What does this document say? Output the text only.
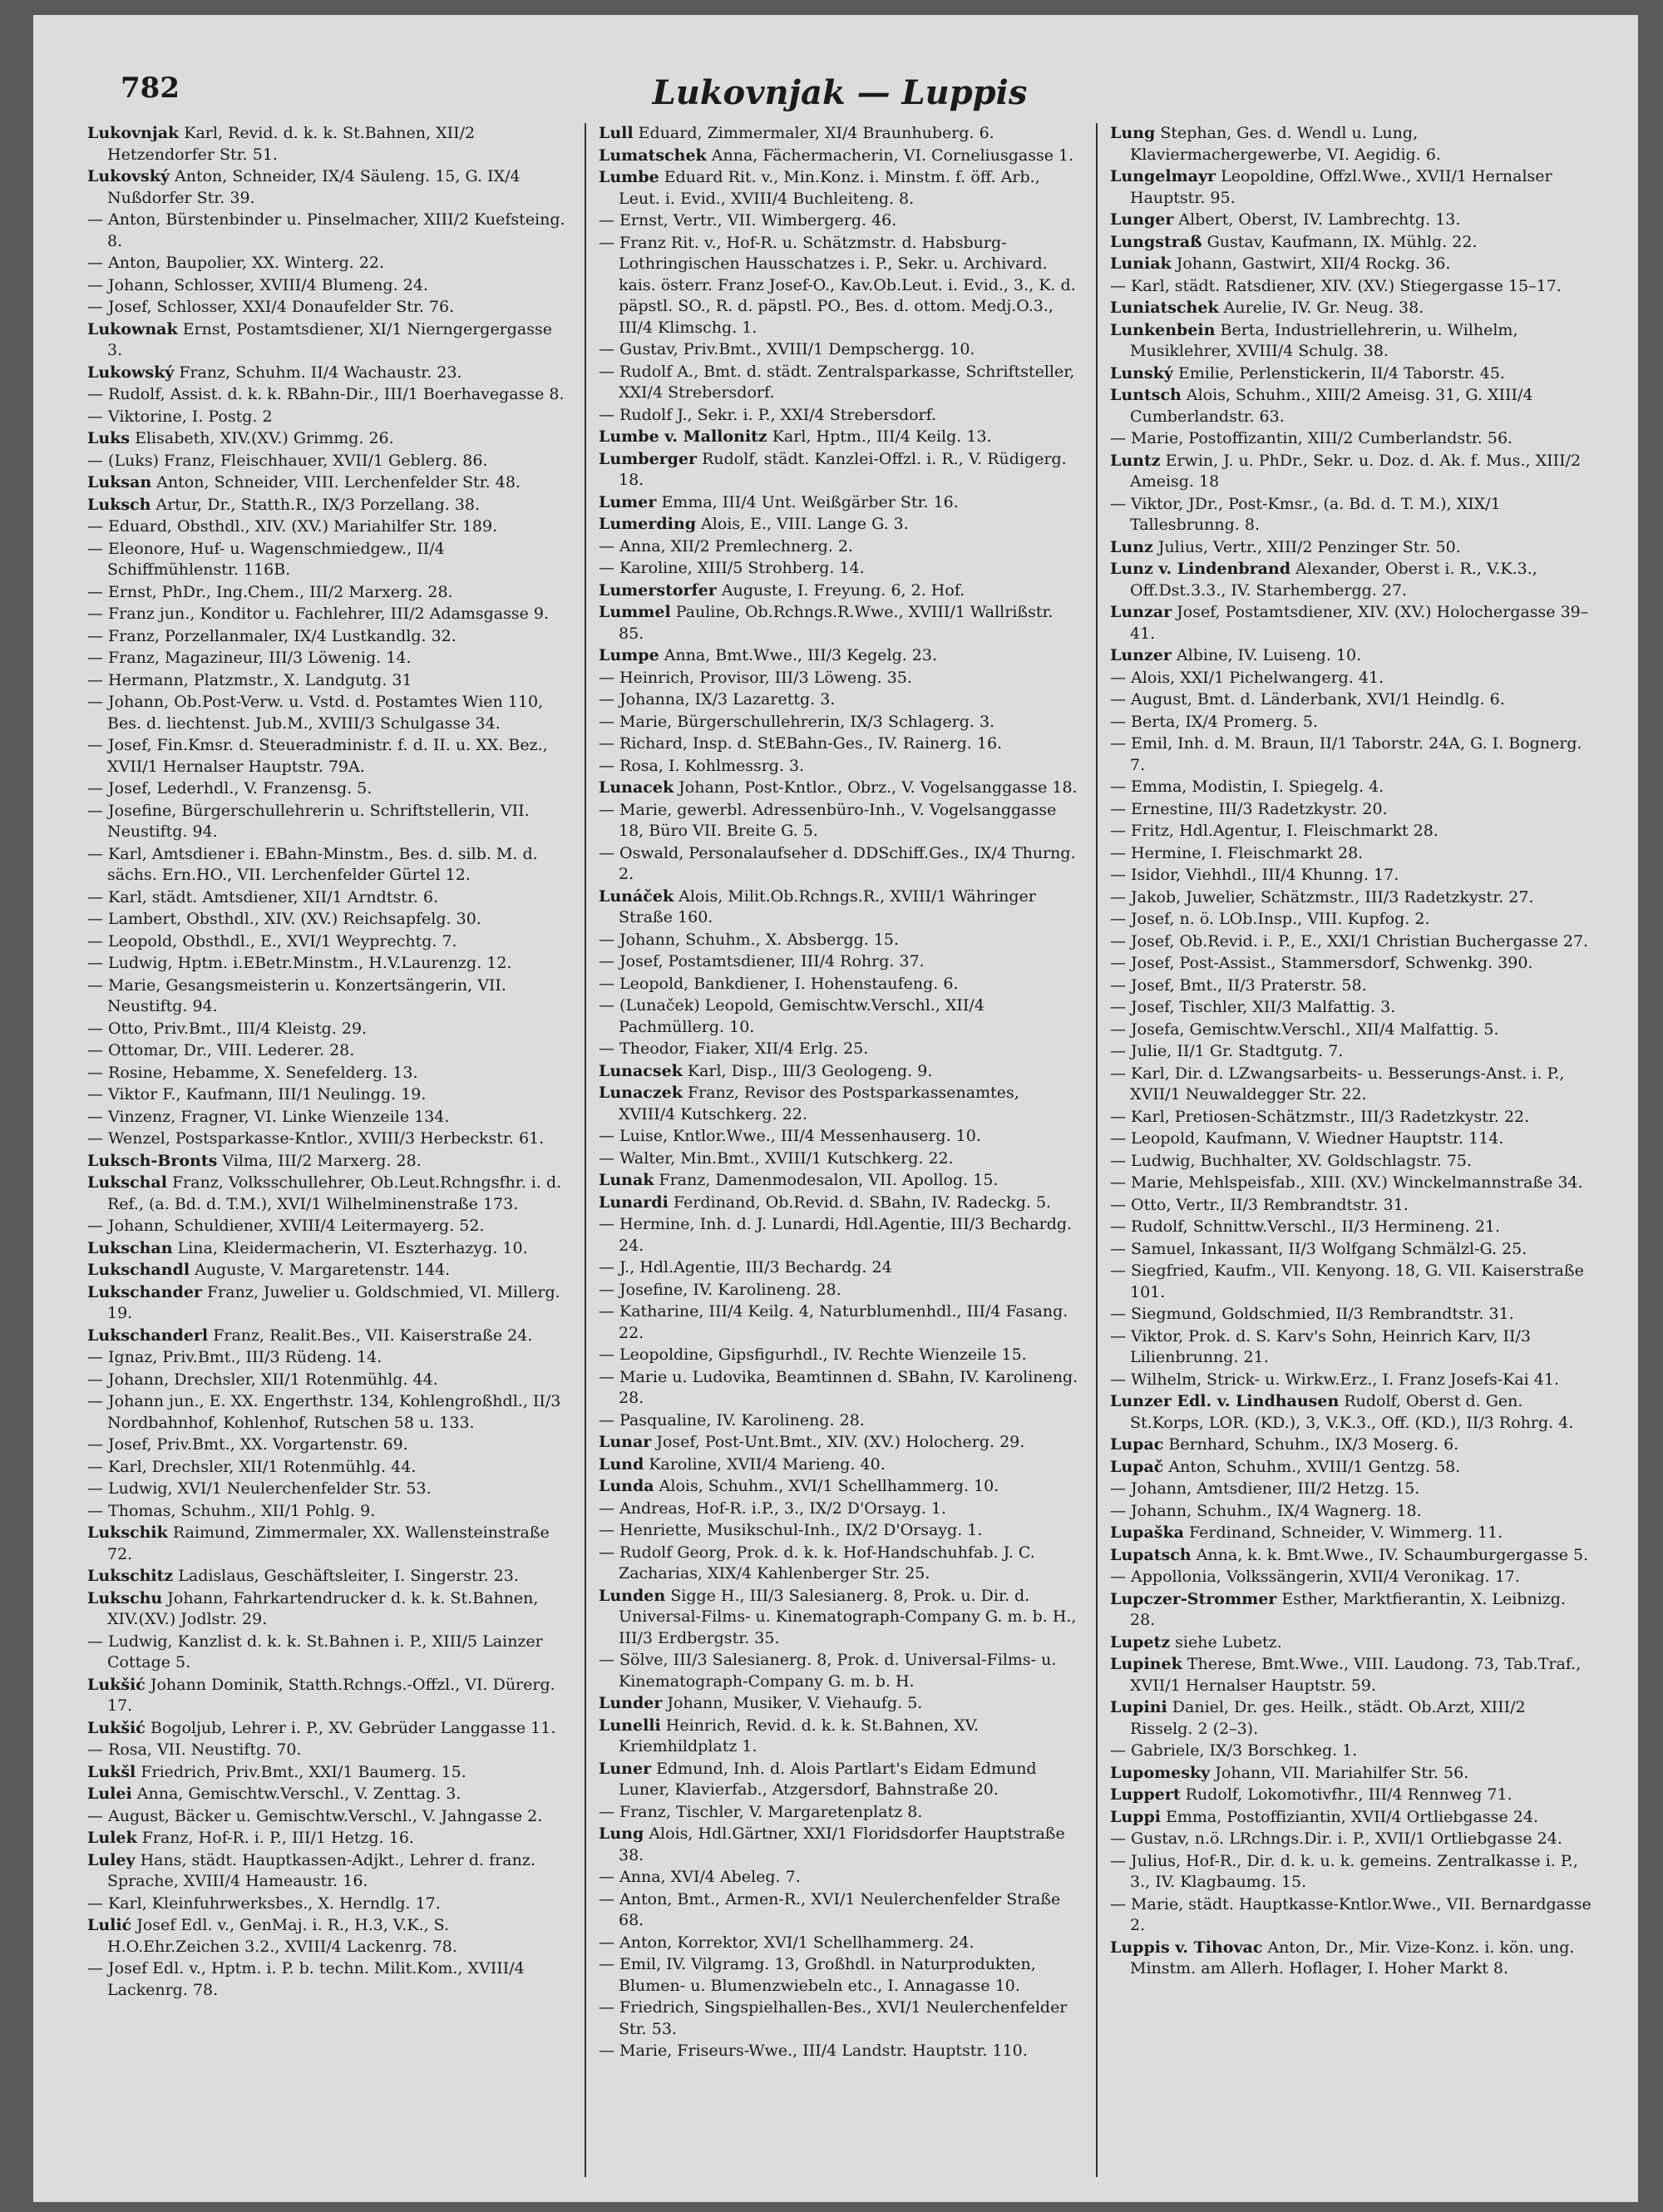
782	Lukovnjak — Luppis
Lukovnjak Karl, Revid. d. k. k. St.Bahnen, XII/2 Hetzendorfer Str. 51.
Lukovský Anton, Schneider, IX/4 Säuleng. 15, G. IX/4 Nußdorfer Str. 39.
— Anton, Bürstenbinder u. Pinselmacher, XIII/2 Kuefsteing. 8.
— Anton, Baupolier, XX. Winterg. 22.
— Johann, Schlosser, XVIII/4 Blumeng. 24.
— Josef, Schlosser, XXI/4 Donaufelder Str. 76.
Lukownak Ernst, Postamtsdiener, XI/1 Nierngergergasse 3.
Lukowský Franz, Schuhm. II/4 Wachaustr. 23.
— Rudolf, Assist. d. k. k. RBahn-Dir., III/1 Boerhavegasse 8.
— Viktorine, I. Postg. 2
Luks Elisabeth, XIV.(XV.) Grimmg. 26.
— (Luks) Franz, Fleischhauer, XVII/1 Geblerg. 86.
Luksan Anton, Schneider, VIII. Lerchenfelder Str. 48.
Luksch Artur, Dr., Statth.R., IX/3 Porzellang. 38.
— Eduard, Obsthdl., XIV. (XV.) Mariahilfer Str. 189.
— Eleonore, Huf- u. Wagenschmiedgew., II/4 Schiffmühlenstr. 116B.
— Ernst, PhDr., Ing.Chem., III/2 Marxerg. 28.
— Franz jun., Konditor u. Fachlehrer, III/2 Adamsgasse 9.
— Franz, Porzellanmaler, IX/4 Lustkandlg. 32.
— Franz, Magazineur, III/3 Löwenig. 14.
— Hermann, Platzmstr., X. Landgutg. 31
— Johann, Ob.Post-Verw. u. Vstd. d. Postamtes Wien 110, Bes. d. liechtenst. Jub.M., XVIII/3 Schulgasse 34.
— Josef, Fin.Kmsr. d. Steueradministr. f. d. II. u. XX. Bez., XVII/1 Hernalser Hauptstr. 79A.
— Josef, Lederhdl., V. Franzensg. 5.
— Josefine, Bürgerschullehrerin u. Schriftstellerin, VII. Neustiftg. 94.
— Karl, Amtsdiener i. EBahn-Minstm., Bes. d. silb. M. d. sächs. Ern.HO., VII. Lerchenfelder Gürtel 12.
— Karl, städt. Amtsdiener, XII/1 Arndtstr. 6.
— Lambert, Obsthdl., XIV. (XV.) Reichsapfelg. 30.
— Leopold, Obsthdl., E., XVI/1 Weyprechtg. 7.
— Ludwig, Hptm. i.EBetr.Minstm., H.V.Laurenzg. 12.
— Marie, Gesangsmeisterin u. Konzertsängerin, VII. Neustiftg. 94.
— Otto, Priv.Bmt., III/4 Kleistg. 29.
— Ottomar, Dr., VIII. Lederer. 28.
— Rosine, Hebamme, X. Senefelderg. 13.
— Viktor F., Kaufmann, III/1 Neulingg. 19.
— Vinzenz, Fragner, VI. Linke Wienzeile 134.
— Wenzel, Postsparkasse-Kntlor., XVIII/3 Herbeckstr. 61.
Luksch-Bronts Vilma, III/2 Marxerg. 28.
Lukschal Franz, Volksschullehrer, Ob.Leut.Rchngsfhr. i. d. Ref., (a. Bd. d. T.M.), XVI/1 Wilhelminenstraße 173.
— Johann, Schuldiener, XVIII/4 Leitermayerg. 52.
Lukschan Lina, Kleidermacherin, VI. Eszterhazyg. 10.
Lukschandl Auguste, V. Margaretenstr. 144.
Lukschander Franz, Juwelier u. Goldschmied, VI. Millerg. 19.
Lukschanderl Franz, Realit.Bes., VII. Kaiserstraße 24.
— Ignaz, Priv.Bmt., III/3 Rüdeng. 14.
— Johann, Drechsler, XII/1 Rotenmühlg. 44.
— Johann jun., E. XX. Engerthstr. 134, Kohlengroßhdl., II/3 Nordbahnhof, Kohlenhof, Rutschen 58 u. 133.
— Josef, Priv.Bmt., XX. Vorgartenstr. 69.
— Karl, Drechsler, XII/1 Rotenmühlg. 44.
— Ludwig, XVI/1 Neulerchenfelder Str. 53.
— Thomas, Schuhm., XII/1 Pohlg. 9.
Lukschik Raimund, Zimmermaler, XX. Wallensteinstraße 72.
Lukschitz Ladislaus, Geschäftsleiter, I. Singerstr. 23.
Lukschu Johann, Fahrkartendrucker d. k. k. St.Bahnen, XIV.(XV.) Jodlstr. 29.
— Ludwig, Kanzlist d. k. k. St.Bahnen i. P., XIII/5 Lainzer Cottage 5.
Lukšić Johann Dominik, Statth.Rchngs.-Offzl., VI. Dürerg. 17.
Lukšić Bogoljub, Lehrer i. P., XV. Gebrüder Langgasse 11.
— Rosa, VII. Neustiftg. 70.
Lukšl Friedrich, Priv.Bmt., XXI/1 Baumerg. 15.
Lulei Anna, Gemischtw.Verschl., V. Zenttag. 3.
— August, Bäcker u. Gemischtw.Verschl., V. Jahngasse 2.
Lulek Franz, Hof-R. i. P., III/1 Hetzg. 16.
Luley Hans, städt. Hauptkassen-Adjkt., Lehrer d. franz. Sprache, XVIII/4 Hameaustr. 16.
— Karl, Kleinfuhrwerksbes., X. Herndlg. 17.
Lulić Josef Edl. v., GenMaj. i. R., H.3, V.K., S. H.O.Ehr.Zeichen 3.2., XVIII/4 Lackenrg. 78.
— Josef Edl. v., Hptm. i. P. b. techn. Milit.Kom., XVIII/4 Lackenrg. 78.
Lull Eduard, Zimmermaler, XI/4 Braunhuberg. 6.
Lumatschek Anna, Fächermacherin, VI. Corneliusgasse 1.
Lumbe Eduard Rit. v., Min.Konz. i. Minstm. f. öff. Arb., Leut. i. Evid., XVIII/4 Buchleiteng. 8.
— Ernst, Vertr., VII. Wimbergerg. 46.
— Franz Rit. v., Hof-R. u. Schätzmstr. d. Habsburg-Lothringischen Hausschatzes i. P., Sekr. u. Archivard. kais. österr. Franz Josef-O., Kav.Ob.Leut. i. Evid., 3., K. d. päpstl. SO., R. d. päpstl. PO., Bes. d. ottom. Medj.O.3., III/4 Klimschg. 1.
— Gustav, Priv.Bmt., XVIII/1 Dempschergg. 10.
— Rudolf A., Bmt. d. städt. Zentralsparkasse, Schriftsteller, XXI/4 Strebersdorf.
— Rudolf J., Sekr. i. P., XXI/4 Strebersdorf.
Lumbe v. Mallonitz Karl, Hptm., III/4 Keilg. 13.
Lumberger Rudolf, städt. Kanzlei-Offzl. i. R., V. Rüdigerg. 18.
Lumer Emma, III/4 Unt. Weißgärber Str. 16.
Lumerding Alois, E., VIII. Lange G. 3.
— Anna, XII/2 Premlechnerg. 2.
— Karoline, XIII/5 Strohberg. 14.
Lumerstorfer Auguste, I. Freyung. 6, 2. Hof.
Lummel Pauline, Ob.Rchngs.R.Wwe., XVIII/1 Wallrißstr. 85.
Lumpe Anna, Bmt.Wwe., III/3 Kegelg. 23.
— Heinrich, Provisor, III/3 Löweng. 35.
— Johanna, IX/3 Lazarettg. 3.
— Marie, Bürgerschullehrerin, IX/3 Schlagerg. 3.
— Richard, Insp. d. StEBahn-Ges., IV. Rainerg. 16.
— Rosa, I. Kohlmessrg. 3.
Lunacek Johann, Post-Kntlor., Obrz., V. Vogelsanggasse 18.
— Marie, gewerbl. Adressenbüro-Inh., V. Vogelsanggasse 18, Büro VII. Breite G. 5.
— Oswald, Personalaufseher d. DDSchiff.Ges., IX/4 Thurng. 2.
Lunáček Alois, Milit.Ob.Rchngs.R., XVIII/1 Währinger Straße 160.
— Johann, Schuhm., X. Absbergg. 15.
— Josef, Postamtsdiener, III/4 Rohrg. 37.
— Leopold, Bankdiener, I. Hohenstaufeng. 6.
— (Lunaček) Leopold, Gemischtw.Verschl., XII/4 Pachmüllerg. 10.
— Theodor, Fiaker, XII/4 Erlg. 25.
Lunacsek Karl, Disp., III/3 Geologeng. 9.
Lunaczek Franz, Revisor des Postsparkassenamtes, XVIII/4 Kutschkerg. 22.
— Luise, Kntlor.Wwe., III/4 Messenhauserg. 10.
— Walter, Min.Bmt., XVIII/1 Kutschkerg. 22.
Lunak Franz, Damenmodesalon, VII. Apollog. 15.
Lunardi Ferdinand, Ob.Revid. d. SBahn, IV. Radeckg. 5.
— Hermine, Inh. d. J. Lunardi, Hdl.Agentie, III/3 Bechardg. 24.
— J., Hdl.Agentie, III/3 Bechardg. 24
— Josefine, IV. Karolineng. 28.
— Katharine, III/4 Keilg. 4, Naturblumenhdl., III/4 Fasang. 22.
— Leopoldine, Gipsfigurhdl., IV. Rechte Wienzeile 15.
— Marie u. Ludovika, Beamtinnen d. SBahn, IV. Karolineng. 28.
— Pasqualine, IV. Karolineng. 28.
Lunar Josef, Post-Unt.Bmt., XIV. (XV.) Holocherg. 29.
Lund Karoline, XVII/4 Marieng. 40.
Lunda Alois, Schuhm., XVI/1 Schellhammerg. 10.
— Andreas, Hof-R. i.P., 3., IX/2 D'Orsayg. 1.
— Henriette, Musikschul-Inh., IX/2 D'Orsayg. 1.
— Rudolf Georg, Prok. d. k. k. Hof-Handschuhfab. J. C. Zacharias, XIX/4 Kahlenberger Str. 25.
Lunden Sigge H., III/3 Salesianerg. 8, Prok. u. Dir. d. Universal-Films- u. Kinematograph-Company G. m. b. H., III/3 Erdbergstr. 35.
— Sölve, III/3 Salesianerg. 8, Prok. d. Universal-Films- u. Kinematograph-Company G. m. b. H.
Lunder Johann, Musiker, V. Viehaufg. 5.
Lunelli Heinrich, Revid. d. k. k. St.Bahnen, XV. Kriemhildplatz 1.
Luner Edmund, Inh. d. Alois Partlart's Eidam Edmund Luner, Klavierfab., Atzgersdorf, Bahnstraße 20.
— Franz, Tischler, V. Margaretenplatz 8.
Lung Alois, Hdl.Gärtner, XXI/1 Floridsdorfer Hauptstraße 38.
— Anna, XVI/4 Abeleg. 7.
— Anton, Bmt., Armen-R., XVI/1 Neulerchenfelder Straße 68.
— Anton, Korrektor, XVI/1 Schellhammerg. 24.
— Emil, IV. Vilgramg. 13, Großhdl. in Naturprodukten, Blumen- u. Blumenzwiebeln etc., I. Annagasse 10.
— Friedrich, Singspielhallen-Bes., XVI/1 Neulerchenfelder Str. 53.
— Marie, Friseurs-Wwe., III/4 Landstr. Hauptstr. 110.
Lung Stephan, Ges. d. Wendl u. Lung, Klaviermachergewerbe, VI. Aegidig. 6.
Lungelmayr Leopoldine, Offzl.Wwe., XVII/1 Hernalser Hauptstr. 95.
Lunger Albert, Oberst, IV. Lambrechtg. 13.
Lungstraß Gustav, Kaufmann, IX. Mühlg. 22.
Luniak Johann, Gastwirt, XII/4 Rockg. 36.
— Karl, städt. Ratsdiener, XIV. (XV.) Stiegergasse 15–17.
Luniatschek Aurelie, IV. Gr. Neug. 38.
Lunkenbein Berta, Industriellehrerin, u. Wilhelm, Musiklehrer, XVIII/4 Schulg. 38.
Lunský Emilie, Perlenstickerin, II/4 Taborstr. 45.
Luntsch Alois, Schuhm., XIII/2 Ameisg. 31, G. XIII/4 Cumberlandstr. 63.
— Marie, Postoffizantin, XIII/2 Cumberlandstr. 56.
Luntz Erwin, J. u. PhDr., Sekr. u. Doz. d. Ak. f. Mus., XIII/2 Ameisg. 18
— Viktor, JDr., Post-Kmsr., (a. Bd. d. T. M.), XIX/1 Tallesbrunng. 8.
Lunz Julius, Vertr., XIII/2 Penzinger Str. 50.
Lunz v. Lindenbrand Alexander, Oberst i. R., V.K.3., Off.Dst.3.3., IV. Starhembergg. 27.
Lunzar Josef, Postamtsdiener, XIV. (XV.) Holochergasse 39–41.
Lunzer Albine, IV. Luiseng. 10.
— Alois, XXI/1 Pichelwangerg. 41.
— August, Bmt. d. Länderbank, XVI/1 Heindlg. 6.
— Berta, IX/4 Promerg. 5.
— Emil, Inh. d. M. Braun, II/1 Taborstr. 24A, G. I. Bognerg. 7.
— Emma, Modistin, I. Spiegelg. 4.
— Ernestine, III/3 Radetzkystr. 20.
— Fritz, Hdl.Agentur, I. Fleischmarkt 28.
— Hermine, I. Fleischmarkt 28.
— Isidor, Viehhdl., III/4 Khunng. 17.
— Jakob, Juwelier, Schätzmstr., III/3 Radetzkystr. 27.
— Josef, n. ö. LOb.Insp., VIII. Kupfog. 2.
— Josef, Ob.Revid. i. P., E., XXI/1 Christian Buchergasse 27.
— Josef, Post-Assist., Stammersdorf, Schwenkg. 390.
— Josef, Bmt., II/3 Praterstr. 58.
— Josef, Tischler, XII/3 Malfattig. 3.
— Josefa, Gemischtw.Verschl., XII/4 Malfattig. 5.
— Julie, II/1 Gr. Stadtgutg. 7.
— Karl, Dir. d. LZwangsarbeits- u. Besserungs-Anst. i. P., XVII/1 Neuwaldegger Str. 22.
— Karl, Pretiosen-Schätzmstr., III/3 Radetzkystr. 22.
— Leopold, Kaufmann, V. Wiedner Hauptstr. 114.
— Ludwig, Buchhalter, XV. Goldschlagstr. 75.
— Marie, Mehlspeisfab., XIII. (XV.) Winckelmannstraße 34.
— Otto, Vertr., II/3 Rembrandtstr. 31.
— Rudolf, Schnittw.Verschl., II/3 Hermineng. 21.
— Samuel, Inkassant, II/3 Wolfgang Schmälzl-G. 25.
— Siegfried, Kaufm., VII. Kenyong. 18, G. VII. Kaiserstraße 101.
— Siegmund, Goldschmied, II/3 Rembrandtstr. 31.
— Viktor, Prok. d. S. Karv's Sohn, Heinrich Karv, II/3 Lilienbrunng. 21.
— Wilhelm, Strick- u. Wirkw.Erz., I. Franz Josefs-Kai 41.
Lunzer Edl. v. Lindhausen Rudolf, Oberst d. Gen. St.Korps, LOR. (KD.), 3, V.K.3., Off. (KD.), II/3 Rohrg. 4.
Lupac Bernhard, Schuhm., IX/3 Moserg. 6.
Lupač Anton, Schuhm., XVIII/1 Gentzg. 58.
— Johann, Amtsdiener, III/2 Hetzg. 15.
— Johann, Schuhm., IX/4 Wagnerg. 18.
Lupaška Ferdinand, Schneider, V. Wimmerg. 11.
Lupatsch Anna, k. k. Bmt.Wwe., IV. Schaumburgergasse 5.
— Appollonia, Volkssängerin, XVII/4 Veronikag. 17.
Lupczer-Strommer Esther, Marktfierantin, X. Leibnizg. 28.
Lupetz siehe Lubetz.
Lupinek Therese, Bmt.Wwe., VIII. Laudong. 73, Tab.Traf., XVII/1 Hernalser Hauptstr. 59.
Lupini Daniel, Dr. ges. Heilk., städt. Ob.Arzt, XIII/2 Risselg. 2 (2–3).
— Gabriele, IX/3 Borschkeg. 1.
Lupomesky Johann, VII. Mariahilfer Str. 56.
Luppert Rudolf, Lokomotivfhr., III/4 Rennweg 71.
Luppi Emma, Postoffiziantin, XVII/4 Ortliebgasse 24.
— Gustav, n.ö. LRchngs.Dir. i. P., XVII/1 Ortliebgasse 24.
— Julius, Hof-R., Dir. d. k. u. k. gemeins. Zentralkasse i. P., 3., IV. Klagbaumg. 15.
— Marie, städt. Hauptkasse-Kntlor.Wwe., VII. Bernardgasse 2.
Luppis v. Tihovac Anton, Dr., Mir. Vize-Konz. i. kön. ung. Minstm. am Allerh. Hoflager, I. Hoher Markt 8.
